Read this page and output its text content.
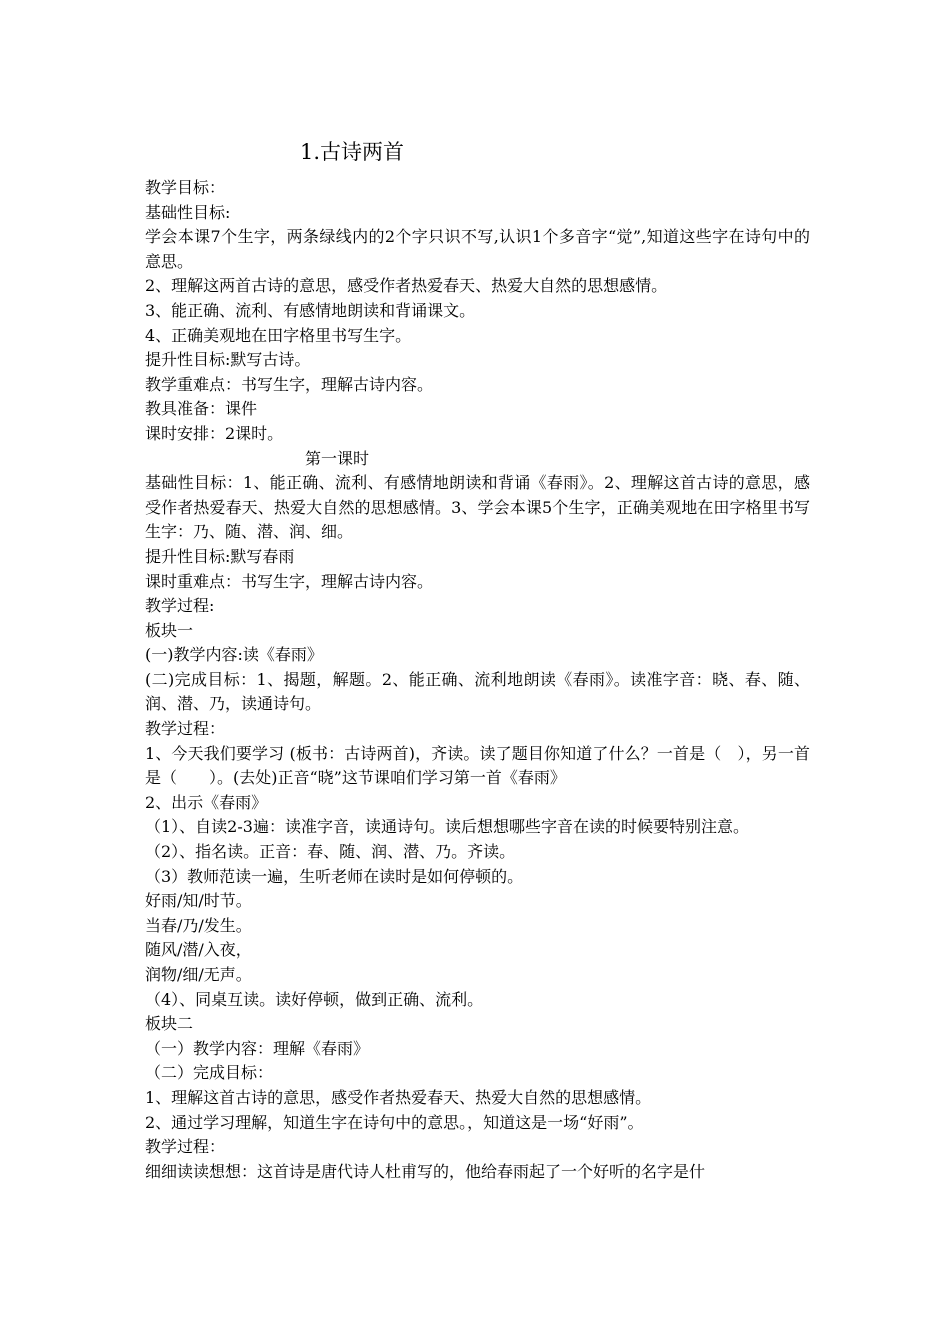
1.古诗两首
教学目标：
基础性目标:
学会本课7个生字，两条绿线内的2个字只识不写,认识1个多音字“觉”,知道这些字在诗句中的意思。
2、理解这两首古诗的意思，感受作者热爱春天、热爱大自然的思想感情。
3、能正确、流利、有感情地朗读和背诵课文。
4、正确美观地在田字格里书写生字。
提升性目标:默写古诗。
教学重难点：书写生字，理解古诗内容。
教具准备：课件
课时安排：2课时。
第一课时
基础性目标：1、能正确、流利、有感情地朗读和背诵《春雨》。2、理解这首古诗的意思，感受作者热爱春天、热爱大自然的思想感情。3、学会本课5个生字，正确美观地在田字格里书写生字：乃、随、潜、润、细。
提升性目标:默写春雨
课时重难点：书写生字，理解古诗内容。
教学过程:
板块一
(一)教学内容:读《春雨》
(二)完成目标：1、揭题，解题。2、能正确、流利地朗读《春雨》。读准字音：晓、春、随、润、潜、乃，读通诗句。
教学过程：
1、今天我们要学习 (板书：古诗两首)，齐读。读了题目你知道了什么？一首是（　），另一首是（　　）。(去处)正音“晓”这节课咱们学习第一首《春雨》
2、出示《春雨》
（1）、自读2-3遍：读准字音，读通诗句。读后想想哪些字音在读的时候要特别注意。
（2）、指名读。正音：春、随、润、潜、乃。齐读。
（3）教师范读一遍，生听老师在读时是如何停顿的。
好雨/知/时节。
当春/乃/发生。
随风/潜/入夜，
润物/细/无声。
（4）、同桌互读。读好停顿，做到正确、流利。
板块二
（一）教学内容：理解《春雨》
（二）完成目标：
1、理解这首古诗的意思，感受作者热爱春天、热爱大自然的思想感情。
2、通过学习理解，知道生字在诗句中的意思。，知道这是一场“好雨”。
教学过程：
细细读读想想：这首诗是唐代诗人杜甫写的，他给春雨起了一个好听的名字是什
